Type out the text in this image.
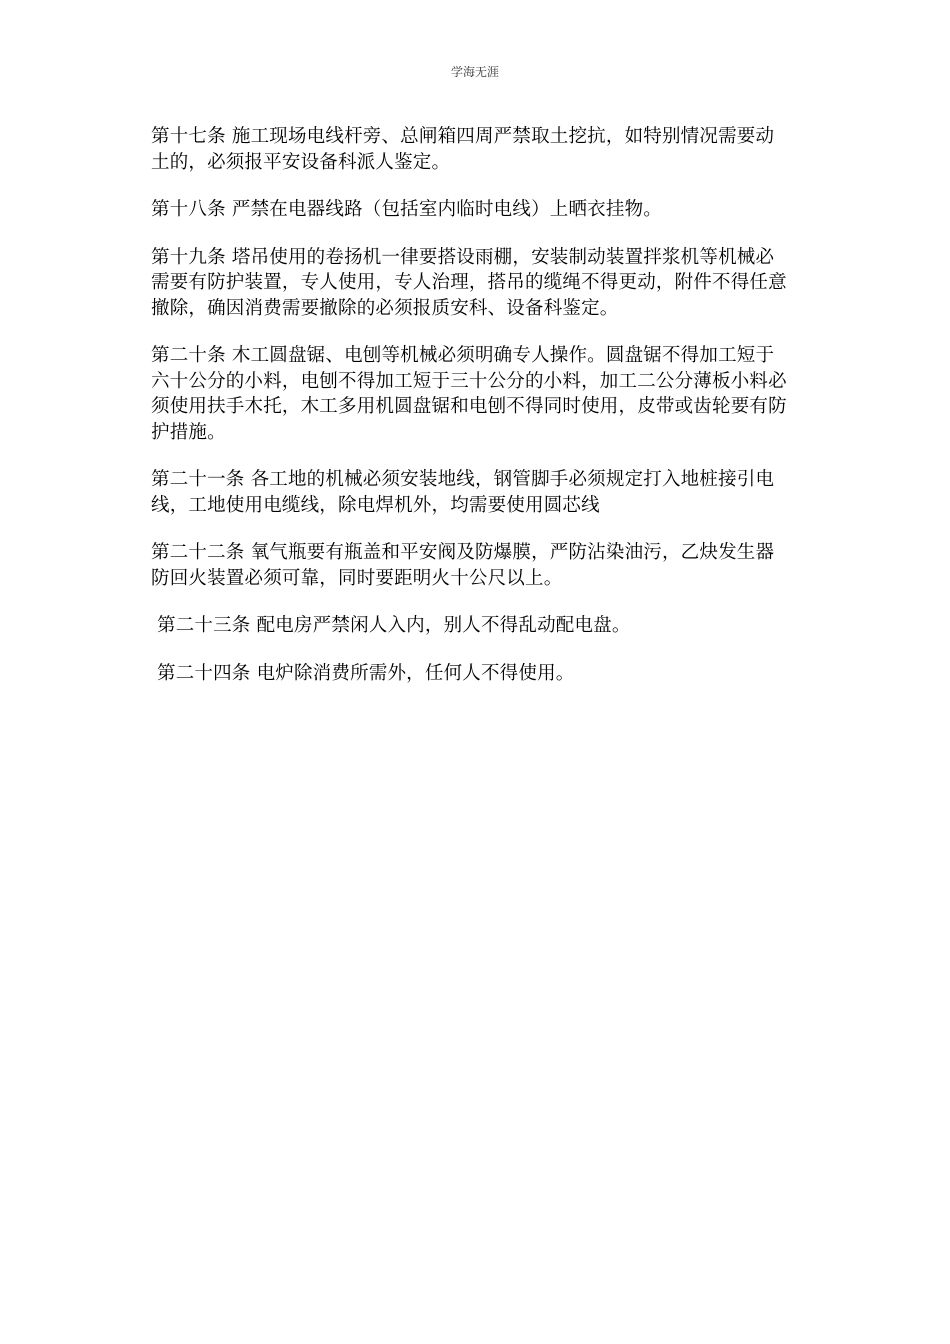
学海无涯

第十七条 施工现场电线杆旁、总闸箱四周严禁取土挖抗，如特别情况需要动土的，必须报平安设备科派人鉴定。

第十八条 严禁在电器线路（包括室内临时电线）上晒衣挂物。

第十九条 塔吊使用的卷扬机一律要搭设雨棚，安装制动装置拌浆机等机械必需要有防护装置，专人使用，专人治理，搭吊的缆绳不得更动，附件不得任意撤除，确因消费需要撤除的必须报质安科、设备科鉴定。

第二十条 木工圆盘锯、电刨等机械必须明确专人操作。圆盘锯不得加工短于六十公分的小料，电刨不得加工短于三十公分的小料，加工二公分薄板小料必须使用扶手木托，木工多用机圆盘锯和电刨不得同时使用，皮带或齿轮要有防护措施。

第二十一条 各工地的机械必须安装地线，钢管脚手必须规定打入地桩接引电线，工地使用电缆线，除电焊机外，均需要使用圆芯线

第二十二条 氧气瓶要有瓶盖和平安阀及防爆膜，严防沾染油污，乙炔发生器防回火装置必须可靠，同时要距明火十公尺以上。

第二十三条 配电房严禁闲人入内，别人不得乱动配电盘。

第二十四条 电炉除消费所需外，任何人不得使用。
